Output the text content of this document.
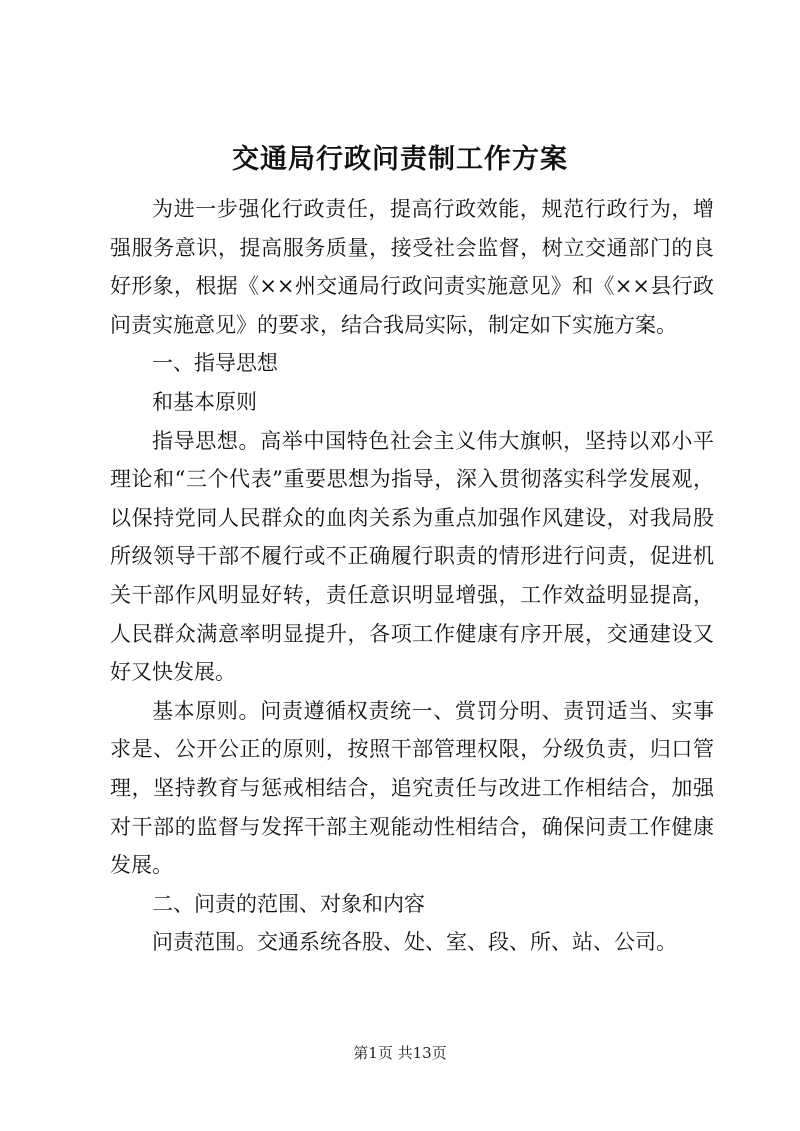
交通局行政问责制工作方案

为进一步强化行政责任，提高行政效能，规范行政行为，增强服务意识，提高服务质量，接受社会监督，树立交通部门的良好形象，根据《××州交通局行政问责实施意见》和《××县行政问责实施意见》的要求，结合我局实际，制定如下实施方案。

一、指导思想

和基本原则

指导思想。高举中国特色社会主义伟大旗帜，坚持以邓小平理论和“三个代表”重要思想为指导，深入贯彻落实科学发展观，以保持党同人民群众的血肉关系为重点加强作风建设，对我局股所级领导干部不履行或不正确履行职责的情形进行问责，促进机关干部作风明显好转，责任意识明显增强，工作效益明显提高，人民群众满意率明显提升，各项工作健康有序开展，交通建设又好又快发展。

基本原则。问责遵循权责统一、赏罚分明、责罚适当、实事求是、公开公正的原则，按照干部管理权限，分级负责，归口管理，坚持教育与惩戒相结合，追究责任与改进工作相结合，加强对干部的监督与发挥干部主观能动性相结合，确保问责工作健康发展。

二、问责的范围、对象和内容

问责范围。交通系统各股、处、室、段、所、站、公司。

第1页 共13页
